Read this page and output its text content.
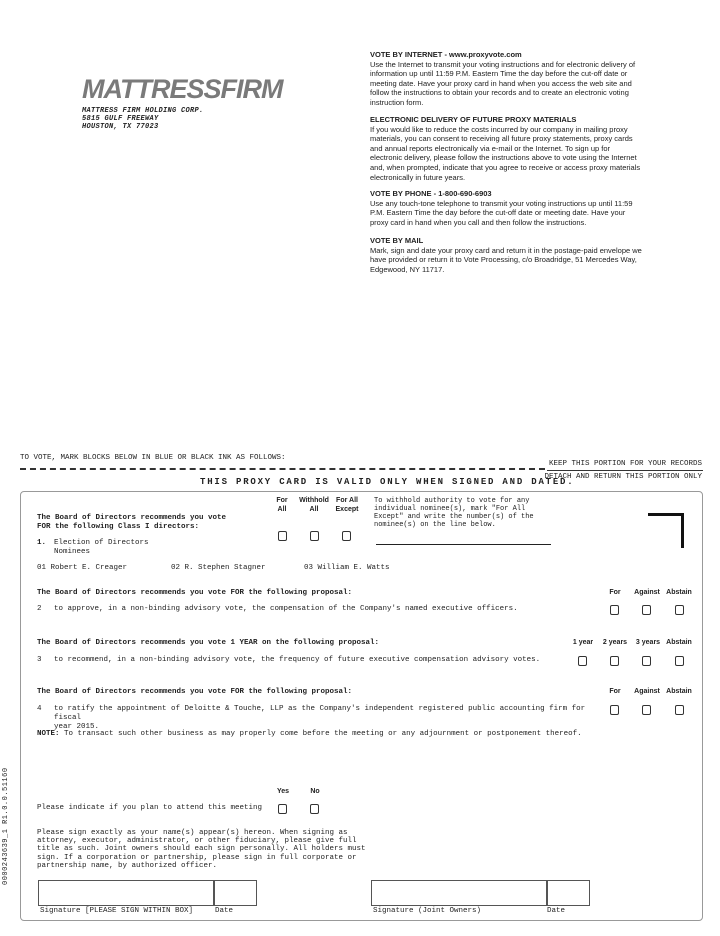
MATTRESSFIRM
MATTRESS FIRM HOLDING CORP.
5815 GULF FREEWAY
HOUSTON, TX 77023
VOTE BY INTERNET - www.proxyvote.com
Use the Internet to transmit your voting instructions and for electronic delivery of
information up until 11:59 P.M. Eastern Time the day before the cut-off date or
meeting date. Have your proxy card in hand when you access the web site and
follow the instructions to obtain your records and to create an electronic voting
instruction form.
ELECTRONIC DELIVERY OF FUTURE PROXY MATERIALS
If you would like to reduce the costs incurred by our company in mailing proxy
materials, you can consent to receiving all future proxy statements, proxy cards
and annual reports electronically via e-mail or the Internet. To sign up for
electronic delivery, please follow the instructions above to vote using the Internet
and, when prompted, indicate that you agree to receive or access proxy materials
electronically in future years.
VOTE BY PHONE - 1-800-690-6903
Use any touch-tone telephone to transmit your voting instructions up until 11:59
P.M. Eastern Time the day before the cut-off date or meeting date. Have your
proxy card in hand when you call and then follow the instructions.
VOTE BY MAIL
Mark, sign and date your proxy card and return it in the postage-paid envelope we
have provided or return it to Vote Processing, c/o Broadridge, 51 Mercedes Way,
Edgewood, NY 11717.
TO VOTE, MARK BLOCKS BELOW IN BLUE OR BLACK INK AS FOLLOWS:
KEEP THIS PORTION FOR YOUR RECORDS
DETACH AND RETURN THIS PORTION ONLY
THIS PROXY CARD IS VALID ONLY WHEN SIGNED AND DATED.
For
All
Withhold
All
For All
Except
To withhold authority to vote for any
individual nominee(s), mark "For All
Except" and write the number(s) of the
nominee(s) on the line below.
The Board of Directors recommends you vote
FOR the following Class I directors:
1. Election of Directors
Nominees
01 Robert E. Creager	02 R. Stephen Stagner	03 William E. Watts
The Board of Directors recommends you vote FOR the following proposal:	For	Against Abstain
2 to approve, in a non-binding advisory vote, the compensation of the Company's named executive officers.
The Board of Directors recommends you vote 1 YEAR on the following proposal:	1 year	2 years	3 years Abstain
3 to recommend, in a non-binding advisory vote, the frequency of future executive compensation advisory votes.
The Board of Directors recommends you vote FOR the following proposal:	For	Against Abstain
4 to ratify the appointment of Deloitte & Touche, LLP as the Company's independent registered public accounting firm for fiscal
year 2015.
NOTE: To transact such other business as may properly come before the meeting or any adjournment or postponement thereof.
Yes	No
Please indicate if you plan to attend this meeting
Please sign exactly as your name(s) appear(s) hereon. When signing as
attorney, executor, administrator, or other fiduciary, please give full
title as such. Joint owners should each sign personally. All holders must
sign. If a corporation or partnership, please sign in full corporate or
partnership name, by authorized officer.
Signature [PLEASE SIGN WITHIN BOX]	Date	Signature (Joint Owners)	Date
0000243639_1 R1.0.0.51160
